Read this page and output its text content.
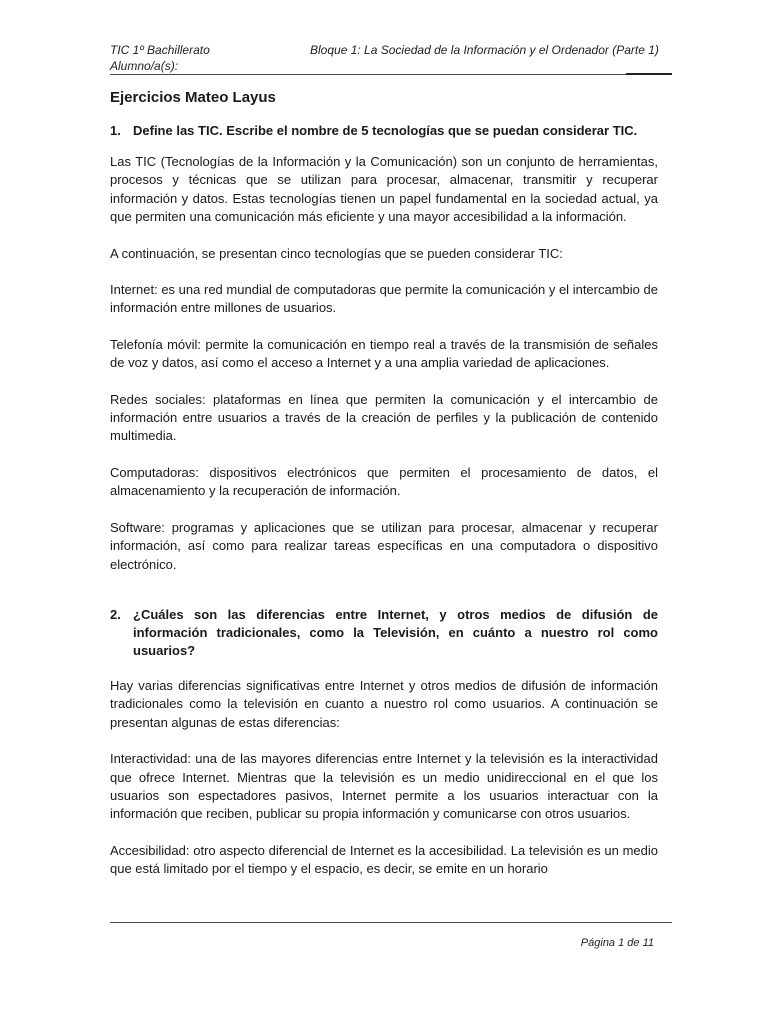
TIC 1º Bachillerato	Bloque 1: La Sociedad de la Información y el Ordenador (Parte 1)
Alumno/a(s):
Ejercicios Mateo Layus
1. Define las TIC. Escribe el nombre de 5 tecnologías que se puedan considerar TIC.

Las TIC (Tecnologías de la Información y la Comunicación) son un conjunto de herramientas, procesos y técnicas que se utilizan para procesar, almacenar, transmitir y recuperar información y datos. Estas tecnologías tienen un papel fundamental en la sociedad actual, ya que permiten una comunicación más eficiente y una mayor accesibilidad a la información.

A continuación, se presentan cinco tecnologías que se pueden considerar TIC:

Internet: es una red mundial de computadoras que permite la comunicación y el intercambio de información entre millones de usuarios.

Telefonía móvil: permite la comunicación en tiempo real a través de la transmisión de señales de voz y datos, así como el acceso a Internet y a una amplia variedad de aplicaciones.

Redes sociales: plataformas en línea que permiten la comunicación y el intercambio de información entre usuarios a través de la creación de perfiles y la publicación de contenido multimedia.

Computadoras: dispositivos electrónicos que permiten el procesamiento de datos, el almacenamiento y la recuperación de información.

Software: programas y aplicaciones que se utilizan para procesar, almacenar y recuperar información, así como para realizar tareas específicas en una computadora o dispositivo electrónico.

2. ¿Cuáles son las diferencias entre Internet, y otros medios de difusión de información tradicionales, como la Televisión, en cuánto a nuestro rol como usuarios?

Hay varias diferencias significativas entre Internet y otros medios de difusión de información tradicionales como la televisión en cuanto a nuestro rol como usuarios. A continuación se presentan algunas de estas diferencias:

Interactividad: una de las mayores diferencias entre Internet y la televisión es la interactividad que ofrece Internet. Mientras que la televisión es un medio unidireccional en el que los usuarios son espectadores pasivos, Internet permite a los usuarios interactuar con la información que reciben, publicar su propia información y comunicarse con otros usuarios.

Accesibilidad: otro aspecto diferencial de Internet es la accesibilidad. La televisión es un medio que está limitado por el tiempo y el espacio, es decir, se emite en un horario

Página 1 de 11
